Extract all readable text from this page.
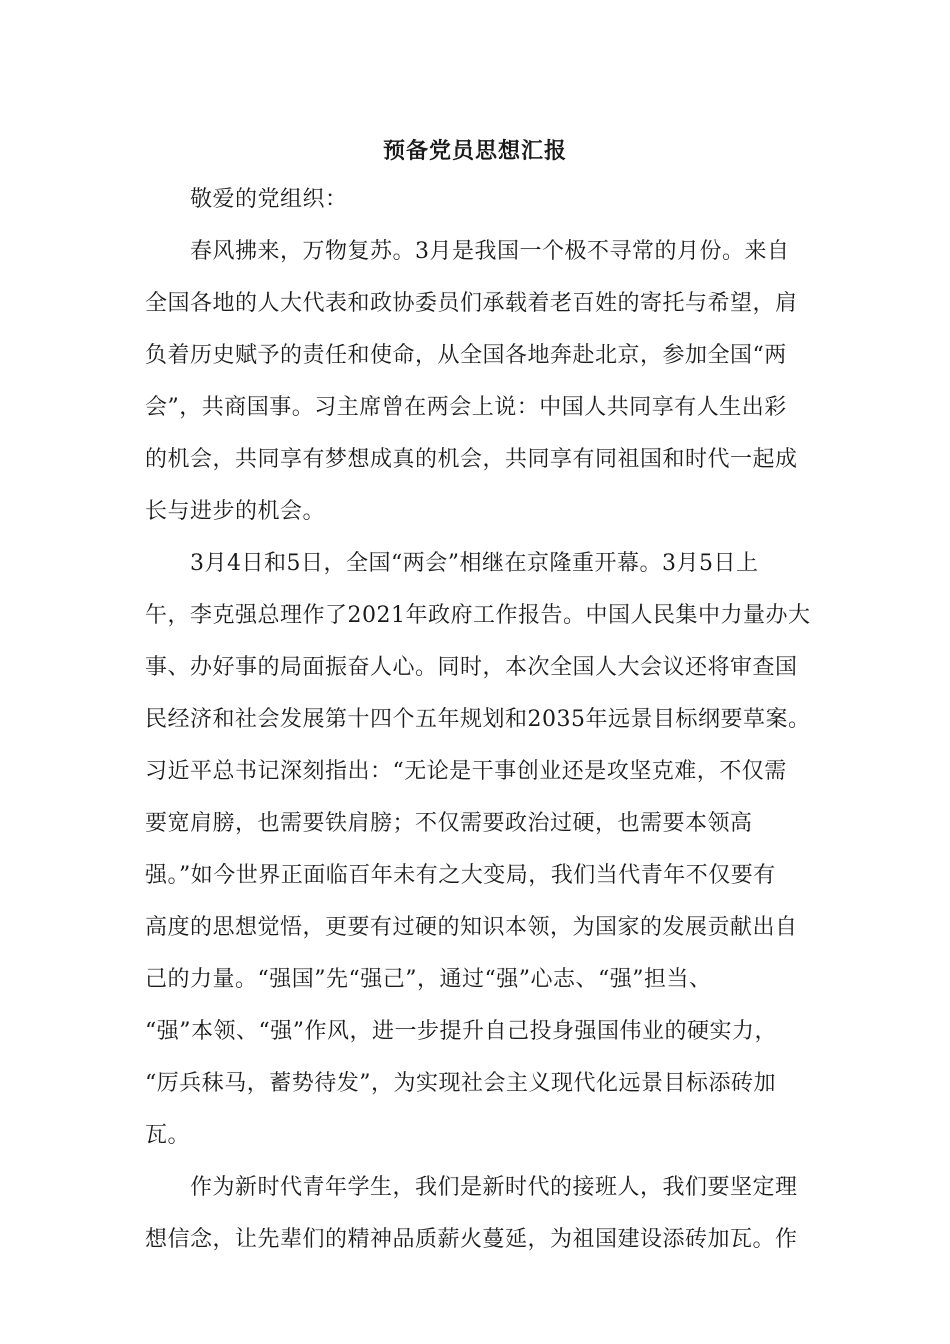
预备党员思想汇报
　　敬爱的党组织：
　　春风拂来，万物复苏。3月是我国一个极不寻常的月份。来自
全国各地的人大代表和政协委员们承载着老百姓的寄托与希望，肩
负着历史赋予的责任和使命，从全国各地奔赴北京，参加全国“两
会”，共商国事。习主席曾在两会上说：中国人共同享有人生出彩
的机会，共同享有梦想成真的机会，共同享有同祖国和时代一起成
长与进步的机会。
　　3月4日和5日，全国“两会”相继在京隆重开幕。3月5日上
午，李克强总理作了2021年政府工作报告。中国人民集中力量办大
事、办好事的局面振奋人心。同时，本次全国人大会议还将审查国
民经济和社会发展第十四个五年规划和2035年远景目标纲要草案。
习近平总书记深刻指出：“无论是干事创业还是攻坚克难，不仅需
要宽肩膀，也需要铁肩膀；不仅需要政治过硬，也需要本领高
强。”如今世界正面临百年未有之大变局，我们当代青年不仅要有
高度的思想觉悟，更要有过硬的知识本领，为国家的发展贡献出自
己的力量。“强国”先“强己”，通过“强”心志、“强”担当、
“强”本领、“强”作风，进一步提升自己投身强国伟业的硬实力，
“厉兵秣马，蓄势待发”，为实现社会主义现代化远景目标添砖加
瓦。
　　作为新时代青年学生，我们是新时代的接班人，我们要坚定理
想信念，让先辈们的精神品质薪火蔓延，为祖国建设添砖加瓦。作
